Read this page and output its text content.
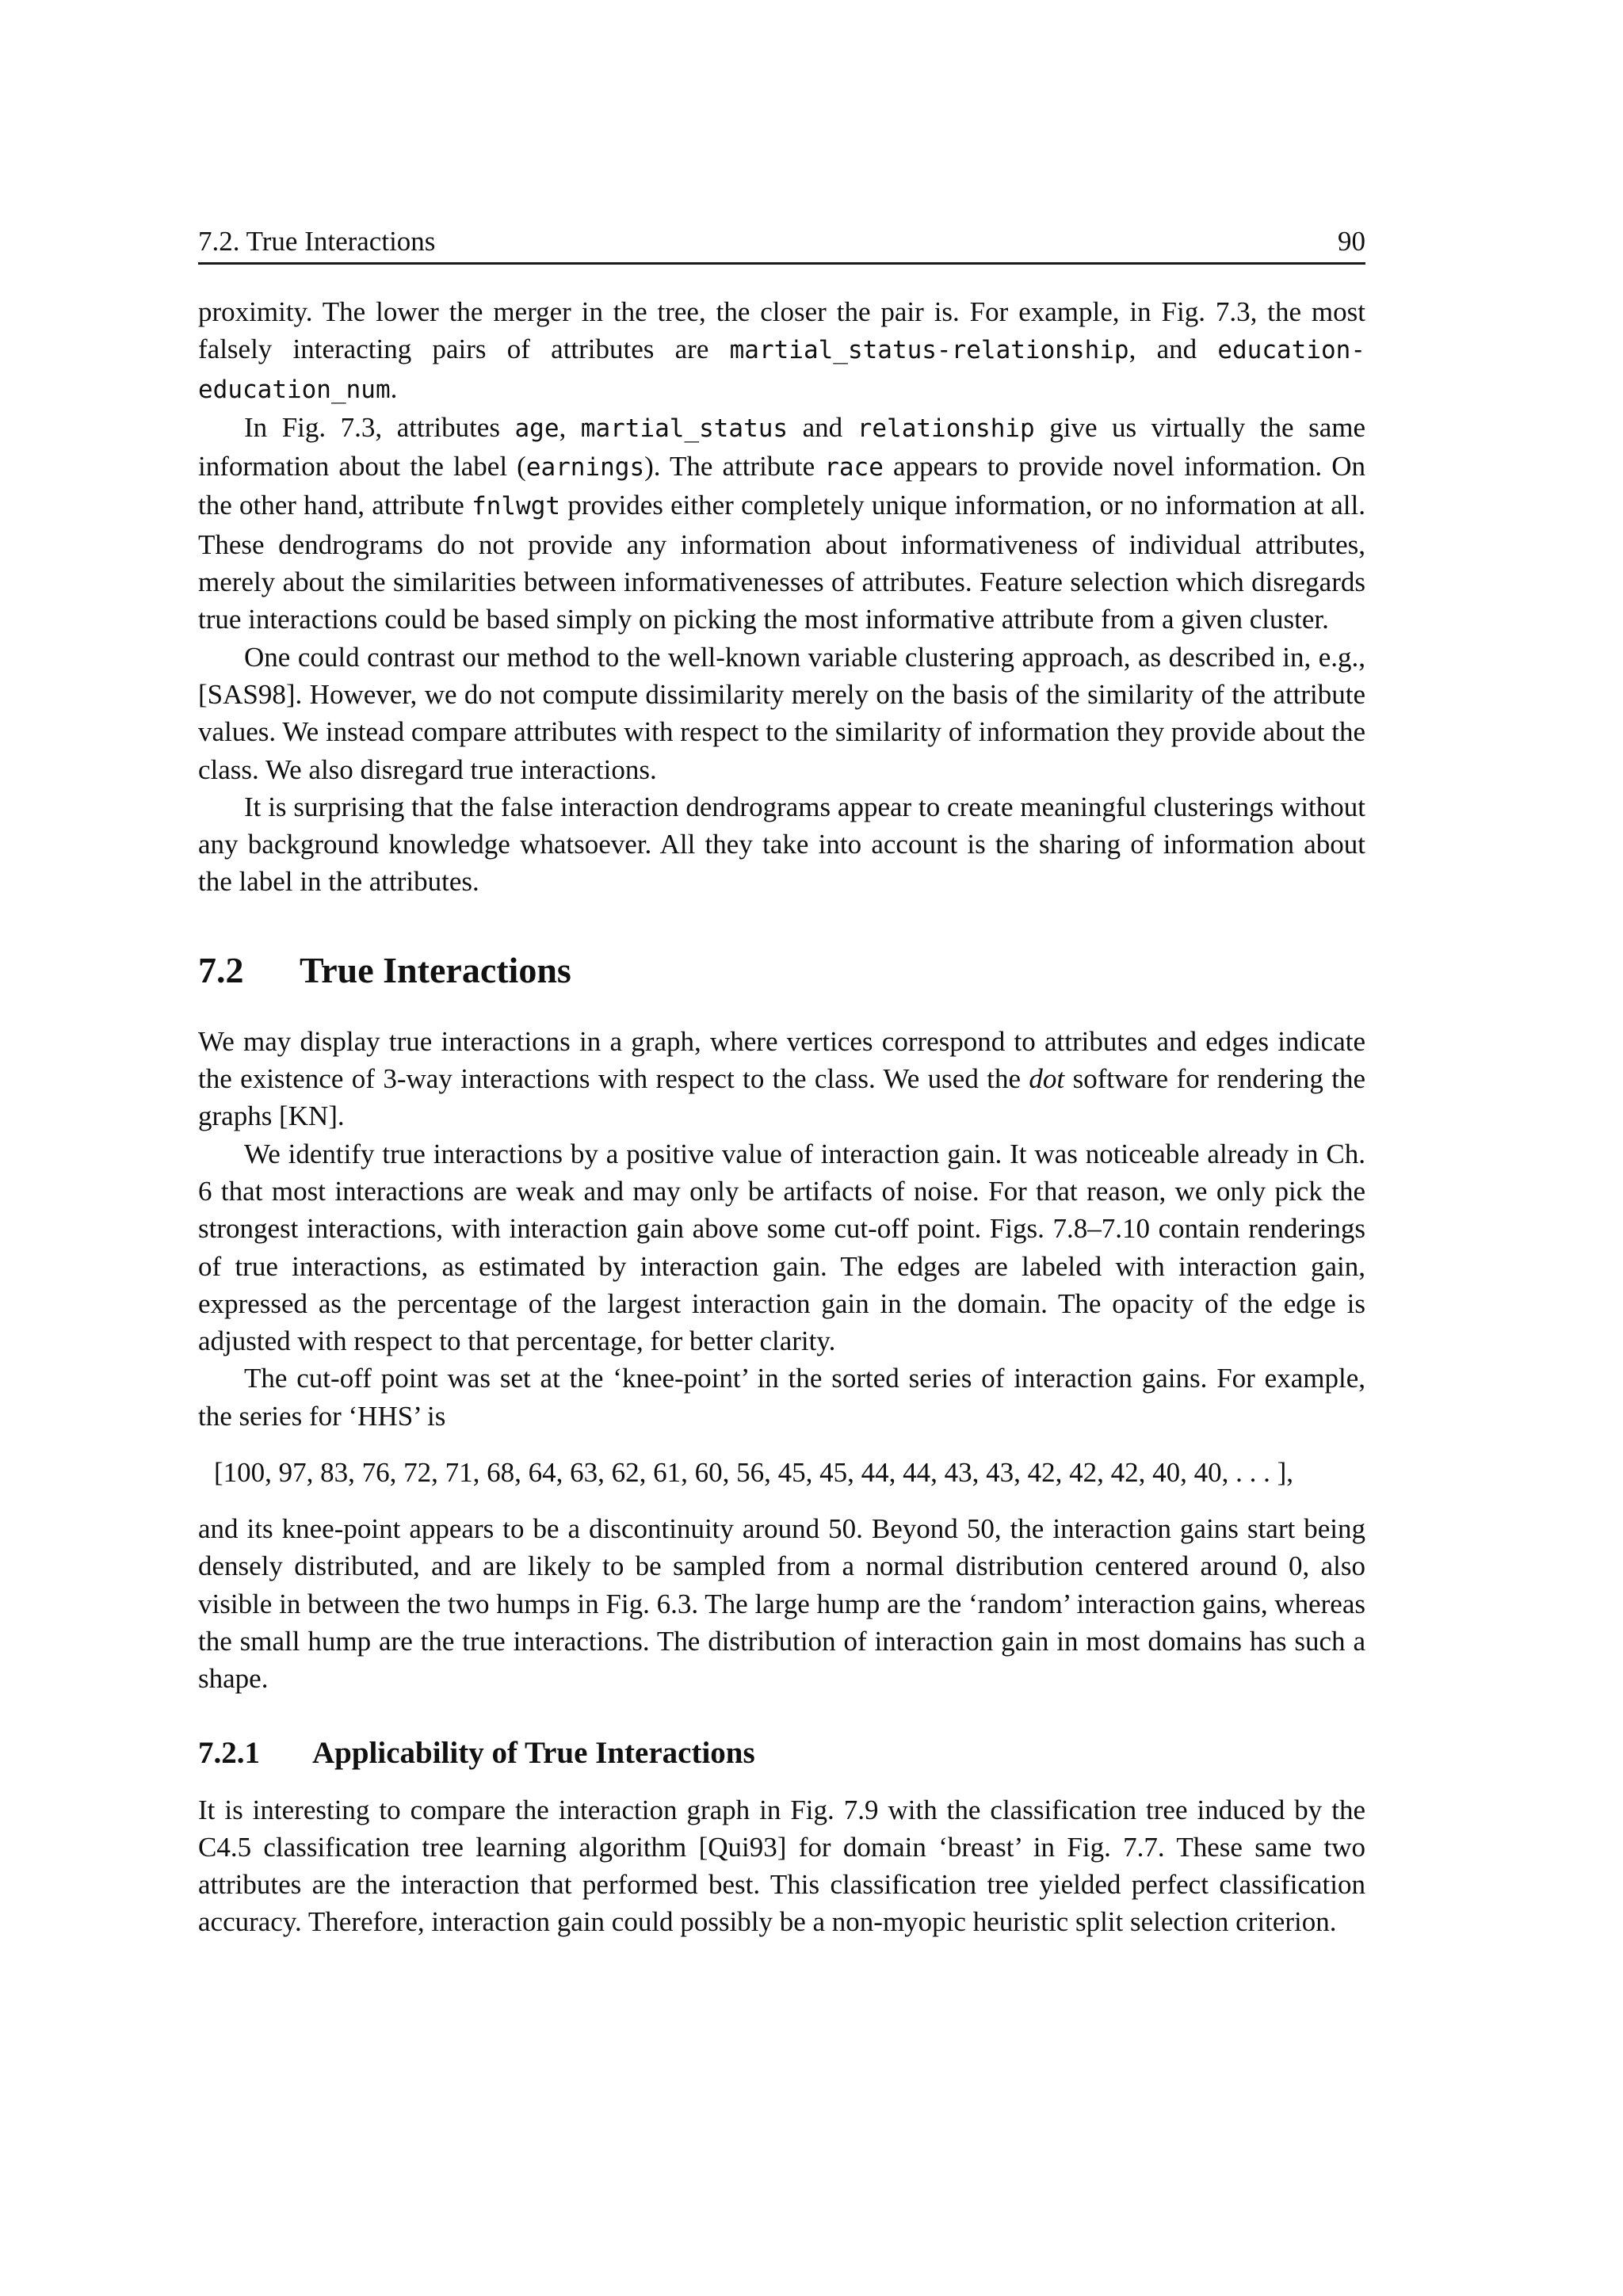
7.2. True Interactions	90

proximity. The lower the merger in the tree, the closer the pair is. For example, in Fig. 7.3, the most falsely interacting pairs of attributes are martial_status-relationship, and education-education_num.

In Fig. 7.3, attributes age, martial_status and relationship give us virtually the same information about the label (earnings). The attribute race appears to provide novel information. On the other hand, attribute fnlwgt provides either completely unique information, or no information at all. These dendrograms do not provide any information about informativeness of individual attributes, merely about the similarities between informativenesses of attributes. Feature selection which disregards true interactions could be based simply on picking the most informative attribute from a given cluster.

One could contrast our method to the well-known variable clustering approach, as described in, e.g., [SAS98]. However, we do not compute dissimilarity merely on the basis of the similarity of the attribute values. We instead compare attributes with respect to the similarity of information they provide about the class. We also disregard true interactions.

It is surprising that the false interaction dendrograms appear to create meaningful clusterings without any background knowledge whatsoever. All they take into account is the sharing of information about the label in the attributes.

7.2 True Interactions

We may display true interactions in a graph, where vertices correspond to attributes and edges indicate the existence of 3-way interactions with respect to the class. We used the dot software for rendering the graphs [KN].

We identify true interactions by a positive value of interaction gain. It was noticeable already in Ch. 6 that most interactions are weak and may only be artifacts of noise. For that reason, we only pick the strongest interactions, with interaction gain above some cut-off point. Figs. 7.8–7.10 contain renderings of true interactions, as estimated by interaction gain. The edges are labeled with interaction gain, expressed as the percentage of the largest interaction gain in the domain. The opacity of the edge is adjusted with respect to that percentage, for better clarity.

The cut-off point was set at the ‘knee-point’ in the sorted series of interaction gains. For example, the series for ‘HHS’ is

[100, 97, 83, 76, 72, 71, 68, 64, 63, 62, 61, 60, 56, 45, 45, 44, 44, 43, 43, 42, 42, 42, 40, 40, . . . ],

and its knee-point appears to be a discontinuity around 50. Beyond 50, the interaction gains start being densely distributed, and are likely to be sampled from a normal distribution centered around 0, also visible in between the two humps in Fig. 6.3. The large hump are the ‘random’ interaction gains, whereas the small hump are the true interactions. The distribution of interaction gain in most domains has such a shape.

7.2.1 Applicability of True Interactions

It is interesting to compare the interaction graph in Fig. 7.9 with the classification tree induced by the C4.5 classification tree learning algorithm [Qui93] for domain ‘breast’ in Fig. 7.7. These same two attributes are the interaction that performed best. This classification tree yielded perfect classification accuracy. Therefore, interaction gain could possibly be a non-myopic heuristic split selection criterion.
